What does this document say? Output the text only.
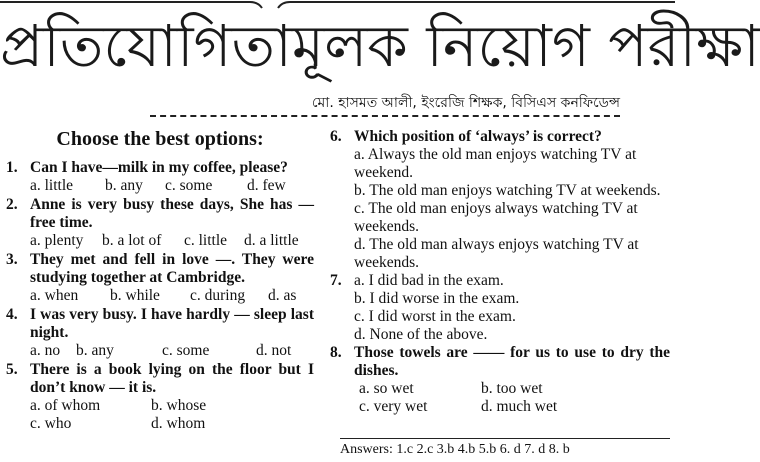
প্রতিযোগিতামূলক নিয়োগ পরীক্ষা
মো. হাসমত আলী, ইংরেজি শিক্ষক, বিসিএস কনফিডেন্স
Choose the best options:
1. Can I have—milk in my coffee, please?
a. little	b. any	c. some	d. few
2. Anne is very busy these days, She has — free time.
a. plenty	b. a lot of	c. little	d. a little
3. They met and fell in love —. They were studying together at Cambridge.
a. when	b. while	c. during	d. as
4. I was very busy. I have hardly — sleep last night.
a. no	b. any	c. some	d. not
5. There is a book lying on the floor but I don’t know — it is.
a. of whom	b. whose
c. who	d. whom
6. Which position of ‘always’ is correct?
a. Always the old man enjoys watching TV at weekend.
b. The old man enjoys watching TV at weekends.
c. The old man enjoys always watching TV at weekends.
d. The old man always enjoys watching TV at weekends.
7. a. I did bad in the exam.
b. I did worse in the exam.
c. I did worst in the exam.
d. None of the above.
8. Those towels are —— for us to use to dry the dishes.
a. so wet	b. too wet
c. very wet	d. much wet
Answers: 1.c 2.c 3.b 4.b 5.b 6. d 7. d 8. b
